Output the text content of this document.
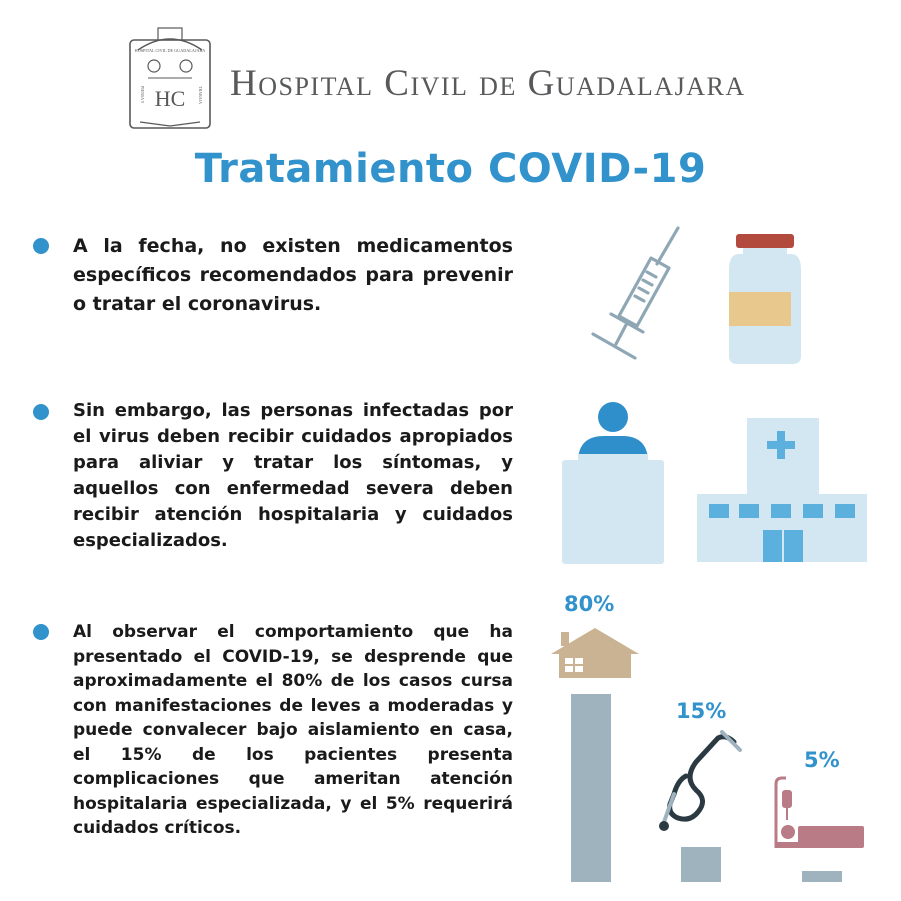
HOSPITAL CIVIL DE GUADALAJARA
HC
PIENSA Y	TRABAJA Hospital Civil de Guadalajara
Tratamiento COVID-19
A la fecha, no existen medicamentos específicos recomendados para prevenir o tratar el coronavirus.
Sin embargo, las personas infectadas por el virus deben recibir cuidados apropiados para aliviar y tratar los síntomas, y aquellos con enfermedad severa deben recibir atención hospitalaria y cuidados especializados.
Al observar el comportamiento que ha presentado el COVID-19, se desprende que aproximadamente el 80% de los casos cursa con manifestaciones de leves a moderadas y puede convalecer bajo aislamiento en casa, el 15% de los pacientes presenta complicaciones que ameritan atención hospitalaria especializada, y el 5% requerirá cuidados críticos.
80%
15%
5%
